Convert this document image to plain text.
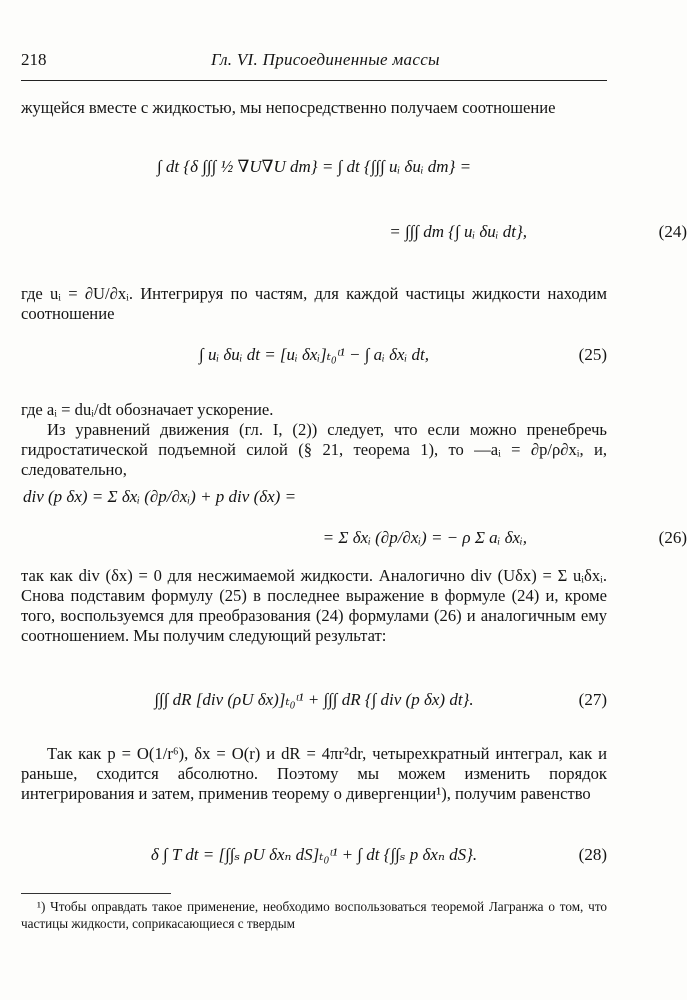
218	Гл. VI. Присоединенные массы
жущейся вместе с жидкостью, мы непосредственно получаем соотношение
∫ dt {δ ∫∫∫ ½ ∇U∇U dm} = ∫ dt {∫∫∫ uᵢ δuᵢ dm} =
= ∫∫∫ dm {∫ uᵢ δuᵢ dt},	(24)
где uᵢ = ∂U/∂xᵢ. Интегрируя по частям, для каждой частицы жидкости находим соотношение
∫ uᵢ δuᵢ dt = [uᵢ δxᵢ]ₜ₀ᵗ¹ − ∫ aᵢ δxᵢ dt,	(25)
где aᵢ = duᵢ/dt обозначает ускорение.
Из уравнений движения (гл. I, (2)) следует, что если можно пренебречь гидростатической подъемной силой (§ 21, теорема 1), то —aᵢ = ∂p/ρ∂xᵢ, и, следовательно,
div (p δx) = Σ δxᵢ (∂p/∂xᵢ) + p div (δx) =
= Σ δxᵢ (∂p/∂xᵢ) = − ρ Σ aᵢ δxᵢ,	(26)
так как div (δx) = 0 для несжимаемой жидкости. Аналогично div (Uδx) = Σ uᵢδxᵢ. Снова подставим формулу (25) в последнее выражение в формуле (24) и, кроме того, воспользуемся для преобразования (24) формулами (26) и аналогичным ему соотношением. Мы получим следующий результат:
∫∫∫ dR [div (ρU δx)]ₜ₀ᵗ¹ + ∫∫∫ dR {∫ div (p δx) dt}.	(27)
Так как p = O(1/r⁶), δx = O(r) и dR = 4πr²dr, четырехкратный интеграл, как и раньше, сходится абсолютно. Поэтому мы можем изменить порядок интегрирования и затем, применив теорему о дивергенции¹), получим равенство
δ ∫ T dt = [∫∫ₛ ρU δxₙ dS]ₜ₀ᵗ¹ + ∫ dt {∫∫ₛ p δxₙ dS}.	(28)
¹) Чтобы оправдать такое применение, необходимо воспользоваться теоремой Лагранжа о том, что частицы жидкости, соприкасающиеся с твердым
